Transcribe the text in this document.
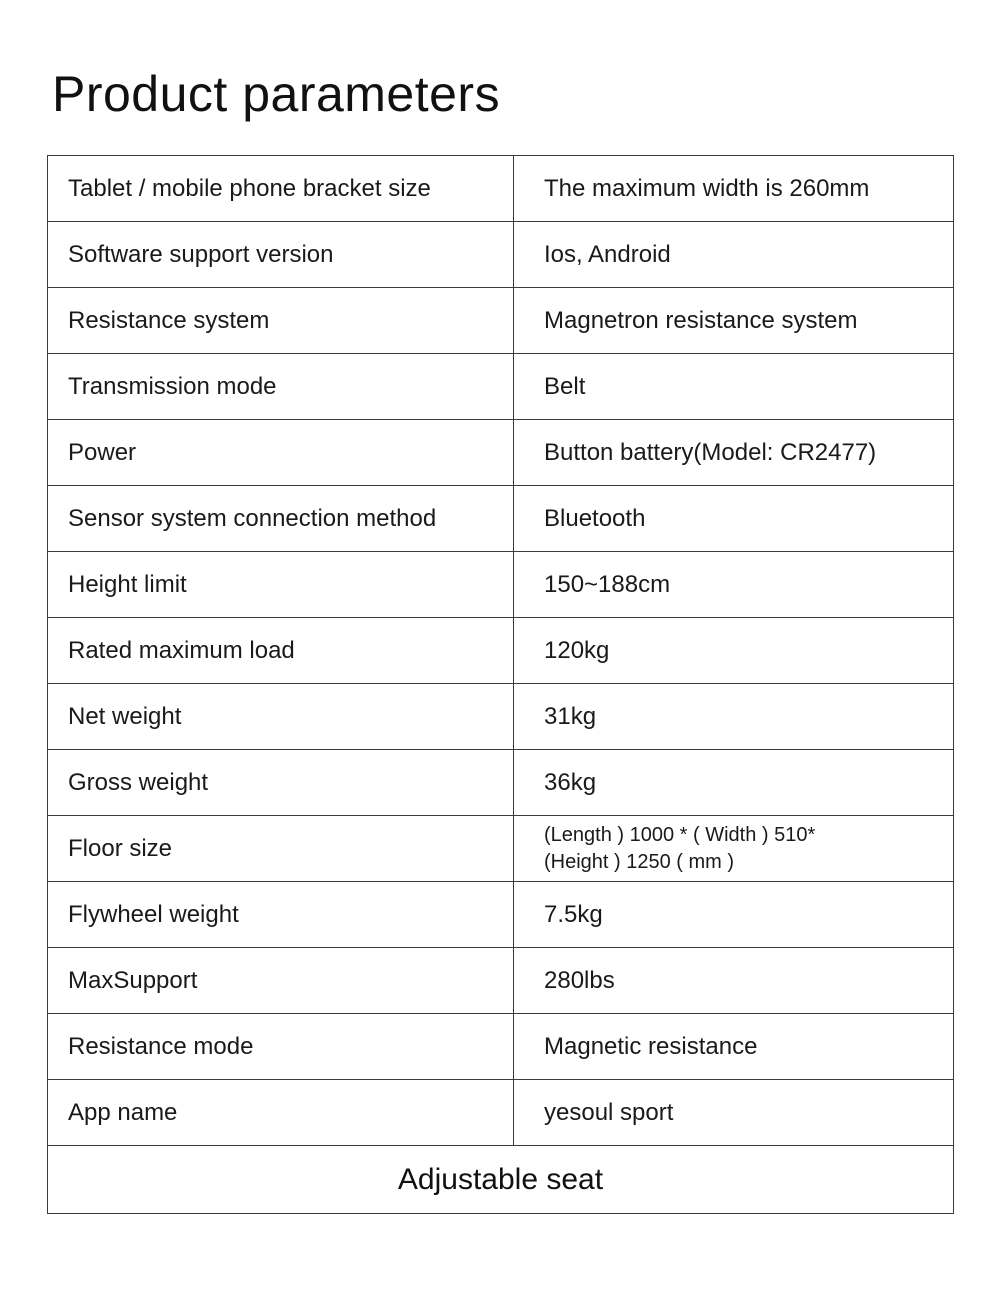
Product parameters
Tablet / mobile phone bracket size	The maximum width is 260mm
Software support version	Ios, Android
Resistance system	Magnetron resistance system
Transmission mode	Belt
Power	Button battery(Model: CR2477)
Sensor system connection method	Bluetooth
Height limit	150~188cm
Rated maximum load	120kg
Net weight	31kg
Gross weight	36kg
Floor size	(Length ) 1000 * ( Width ) 510*
(Height ) 1250 ( mm )

Flywheel weight	7.5kg
MaxSupport	280lbs
Resistance mode	Magnetic resistance
App name	yesoul sport
Adjustable seat	
